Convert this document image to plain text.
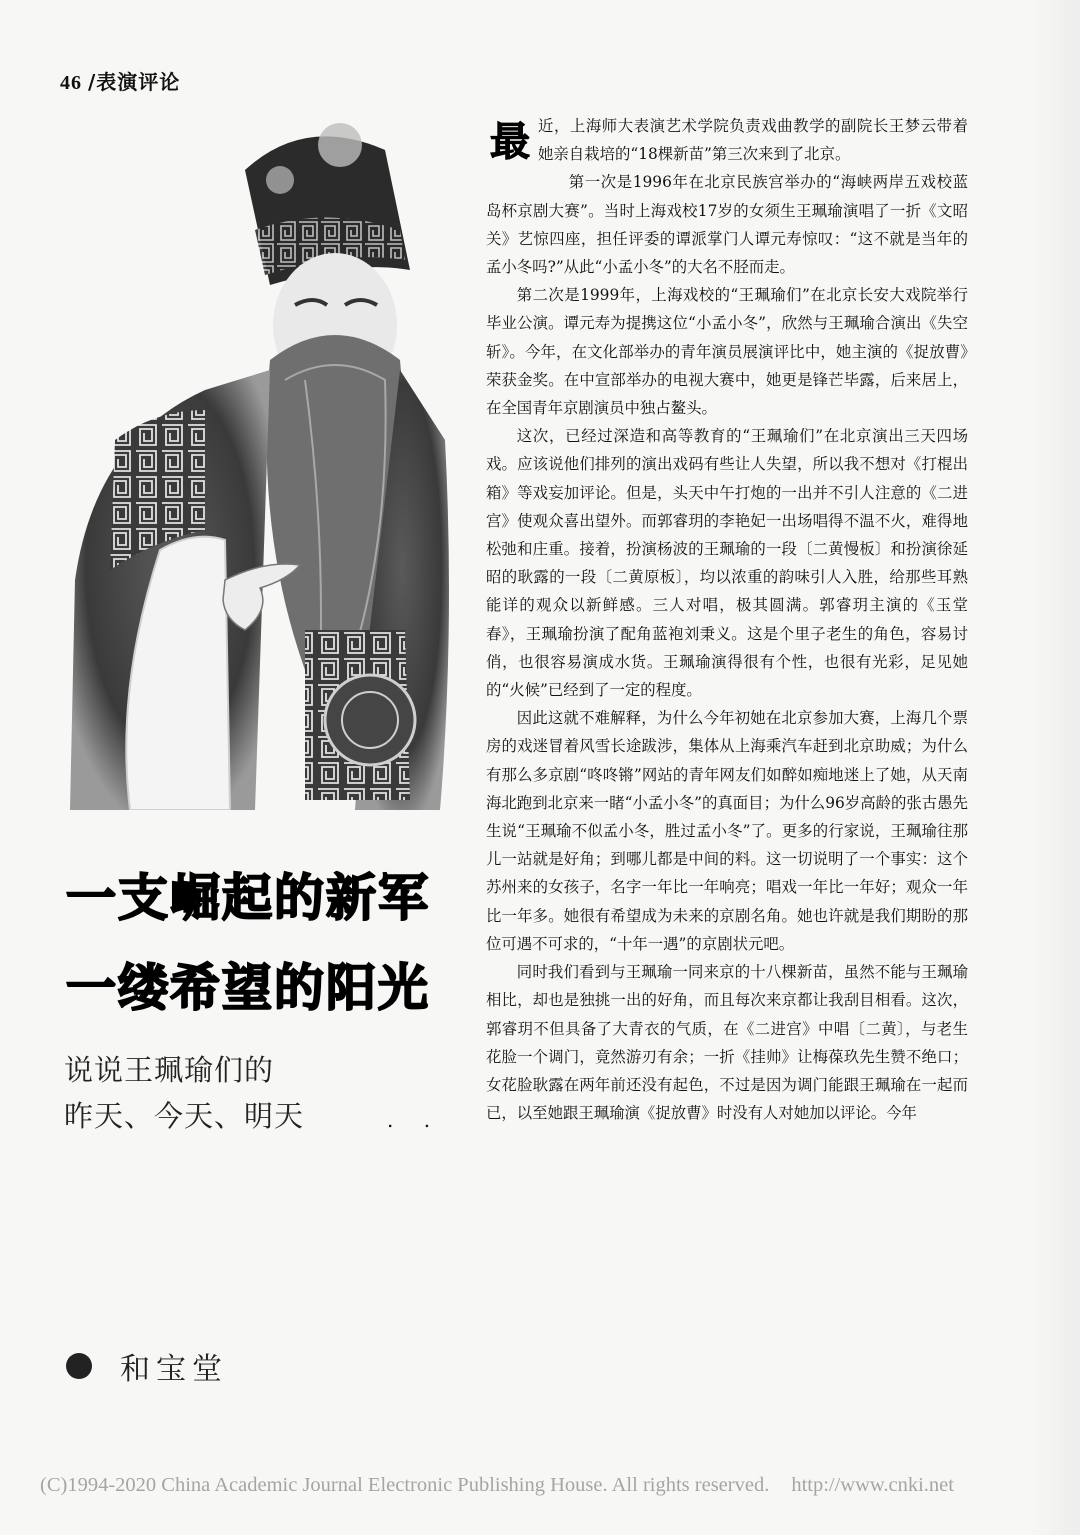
46 /表演评论
一支崛起的新军
一缕希望的阳光
说说王珮瑜们的
昨天、今天、明天	. .
和宝堂

最近，上海师大表演艺术学院负责戏曲教学的副院长王梦云带着她亲自栽培的“18棵新苗”第三次来到了北京。

第一次是1996年在北京民族宫举办的“海峡两岸五戏校蓝岛杯京剧大赛”。当时上海戏校17岁的女须生王珮瑜演唱了一折《文昭关》艺惊四座，担任评委的谭派掌门人谭元寿惊叹：“这不就是当年的孟小冬吗?”从此“小孟小冬”的大名不胫而走。

第二次是1999年，上海戏校的“王珮瑜们”在北京长安大戏院举行毕业公演。谭元寿为提携这位“小孟小冬”，欣然与王珮瑜合演出《失空斩》。今年，在文化部举办的青年演员展演评比中，她主演的《捉放曹》荣获金奖。在中宣部举办的电视大赛中，她更是锋芒毕露，后来居上，在全国青年京剧演员中独占鳌头。

这次，已经过深造和高等教育的“王珮瑜们”在北京演出三天四场戏。应该说他们排列的演出戏码有些让人失望，所以我不想对《打棍出箱》等戏妄加评论。但是，头天中午打炮的一出并不引人注意的《二进宫》使观众喜出望外。而郭睿玥的李艳妃一出场唱得不温不火，难得地松弛和庄重。接着，扮演杨波的王珮瑜的一段〔二黄慢板〕和扮演徐延昭的耿露的一段〔二黄原板〕，均以浓重的韵味引人入胜，给那些耳熟能详的观众以新鲜感。三人对唱，极其圆满。郭睿玥主演的《玉堂春》，王珮瑜扮演了配角蓝袍刘秉义。这是个里子老生的角色，容易讨俏，也很容易演成水货。王珮瑜演得很有个性，也很有光彩，足见她的“火候”已经到了一定的程度。

因此这就不难解释，为什么今年初她在北京参加大赛，上海几个票房的戏迷冒着风雪长途跋涉，集体从上海乘汽车赶到北京助威；为什么有那么多京剧“咚咚锵”网站的青年网友们如醉如痴地迷上了她，从天南海北跑到北京来一睹“小孟小冬”的真面目；为什么96岁高龄的张古愚先生说“王珮瑜不似孟小冬，胜过孟小冬”了。更多的行家说，王珮瑜往那儿一站就是好角；到哪儿都是中间的料。这一切说明了一个事实：这个苏州来的女孩子，名字一年比一年响亮；唱戏一年比一年好；观众一年比一年多。她很有希望成为未来的京剧名角。她也许就是我们期盼的那位可遇不可求的，“十年一遇”的京剧状元吧。

同时我们看到与王珮瑜一同来京的十八棵新苗，虽然不能与王珮瑜相比，却也是独挑一出的好角，而且每次来京都让我刮目相看。这次，郭睿玥不但具备了大青衣的气质，在《二进宫》中唱〔二黄〕，与老生花脸一个调门，竟然游刃有余；一折《挂帅》让梅葆玖先生赞不绝口；女花脸耿露在两年前还没有起色，不过是因为调门能跟王珮瑜在一起而已，以至她跟王珮瑜演《捉放曹》时没有人对她加以评论。今年

(C)1994-2020 China Academic Journal Electronic Publishing House. All rights reserved. http://www.cnki.net
